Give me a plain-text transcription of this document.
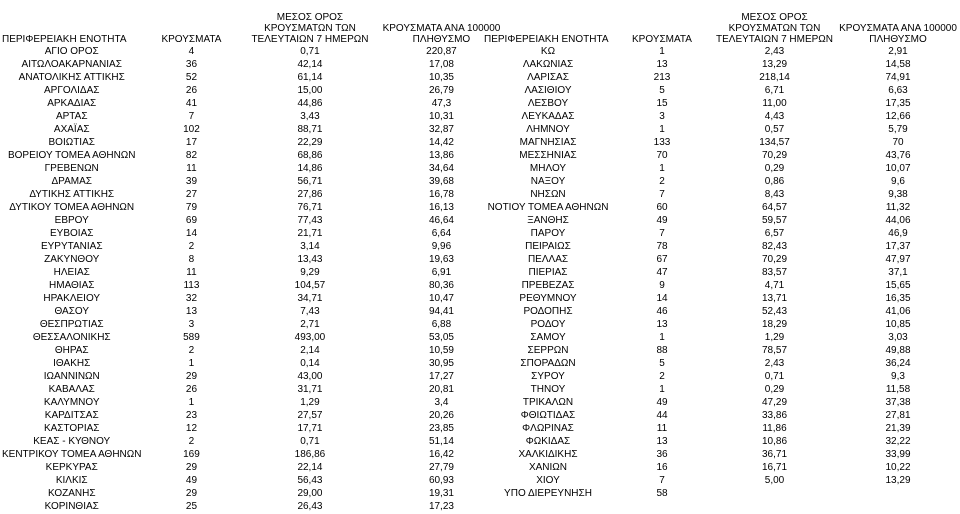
ΠΕΡΙΦΕΡΕΙΑΚΗ ΕΝΟΤΗΤΑ	ΚΡΟΥΣΜΑΤΑ	ΜΕΣΟΣ ΟΡΟΣ ΚΡΟΥΣΜΑΤΩΝ ΤΩΝ ΤΕΛΕΥΤΑΙΩΝ 7 ΗΜΕΡΩΝ	ΚΡΟΥΣΜΑΤΑ ΑΝΑ 100000 ΠΛΗΘΥΣΜΟ
ΑΓΙΟ ΟΡΟΣ	4	0,71	220,87
ΑΙΤΩΛΟΑΚΑΡΝΑΝΙΑΣ	36	42,14	17,08
ΑΝΑΤΟΛΙΚΗΣ ΑΤΤΙΚΗΣ	52	61,14	10,35
ΑΡΓΟΛΙΔΑΣ	26	15,00	26,79
ΑΡΚΑΔΙΑΣ	41	44,86	47,3
ΑΡΤΑΣ	7	3,43	10,31
ΑΧΑΪΑΣ	102	88,71	32,87
ΒΟΙΩΤΙΑΣ	17	22,29	14,42
ΒΟΡΕΙΟΥ ΤΟΜΕΑ ΑΘΗΝΩΝ	82	68,86	13,86
ΓΡΕΒΕΝΩΝ	11	14,86	34,64
ΔΡΑΜΑΣ	39	56,71	39,68
ΔΥΤΙΚΗΣ ΑΤΤΙΚΗΣ	27	27,86	16,78
ΔΥΤΙΚΟΥ ΤΟΜΕΑ ΑΘΗΝΩΝ	79	76,71	16,13
ΕΒΡΟΥ	69	77,43	46,64
ΕΥΒΟΙΑΣ	14	21,71	6,64
ΕΥΡΥΤΑΝΙΑΣ	2	3,14	9,96
ΖΑΚΥΝΘΟΥ	8	13,43	19,63
ΗΛΕΙΑΣ	11	9,29	6,91
ΗΜΑΘΙΑΣ	113	104,57	80,36
ΗΡΑΚΛΕΙΟΥ	32	34,71	10,47
ΘΑΣΟΥ	13	7,43	94,41
ΘΕΣΠΡΩΤΙΑΣ	3	2,71	6,88
ΘΕΣΣΑΛΟΝΙΚΗΣ	589	493,00	53,05
ΘΗΡΑΣ	2	2,14	10,59
ΙΘΑΚΗΣ	1	0,14	30,95
ΙΩΑΝΝΙΝΩΝ	29	43,00	17,27
ΚΑΒΑΛΑΣ	26	31,71	20,81
ΚΑΛΥΜΝΟΥ	1	1,29	3,4
ΚΑΡΔΙΤΣΑΣ	23	27,57	20,26
ΚΑΣΤΟΡΙΑΣ	12	17,71	23,85
ΚΕΑΣ - ΚΥΘΝΟΥ	2	0,71	51,14
ΚΕΝΤΡΙΚΟΥ ΤΟΜΕΑ ΑΘΗΝΩΝ	169	186,86	16,42
ΚΕΡΚΥΡΑΣ	29	22,14	27,79
ΚΙΛΚΙΣ	49	56,43	60,93
ΚΟΖΑΝΗΣ	29	29,00	19,31
ΚΟΡΙΝΘΙΑΣ	25	26,43	17,23
ΠΕΡΙΦΕΡΕΙΑΚΗ ΕΝΟΤΗΤΑ	ΚΡΟΥΣΜΑΤΑ	ΜΕΣΟΣ ΟΡΟΣ ΚΡΟΥΣΜΑΤΩΝ ΤΩΝ ΤΕΛΕΥΤΑΙΩΝ 7 ΗΜΕΡΩΝ	ΚΡΟΥΣΜΑΤΑ ΑΝΑ 100000 ΠΛΗΘΥΣΜΟ
ΚΩ	1	2,43	2,91
ΛΑΚΩΝΙΑΣ	13	13,29	14,58
ΛΑΡΙΣΑΣ	213	218,14	74,91
ΛΑΣΙΘΙΟΥ	5	6,71	6,63
ΛΕΣΒΟΥ	15	11,00	17,35
ΛΕΥΚΑΔΑΣ	3	4,43	12,66
ΛΗΜΝΟΥ	1	0,57	5,79
ΜΑΓΝΗΣΙΑΣ	133	134,57	70
ΜΕΣΣΗΝΙΑΣ	70	70,29	43,76
ΜΗΛΟΥ	1	0,29	10,07
ΝΑΞΟΥ	2	0,86	9,6
ΝΗΣΩΝ	7	8,43	9,38
ΝΟΤΙΟΥ ΤΟΜΕΑ ΑΘΗΝΩΝ	60	64,57	11,32
ΞΑΝΘΗΣ	49	59,57	44,06
ΠΑΡΟΥ	7	6,57	46,9
ΠΕΙΡΑΙΩΣ	78	82,43	17,37
ΠΕΛΛΑΣ	67	70,29	47,97
ΠΙΕΡΙΑΣ	47	83,57	37,1
ΠΡΕΒΕΖΑΣ	9	4,71	15,65
ΡΕΘΥΜΝΟΥ	14	13,71	16,35
ΡΟΔΟΠΗΣ	46	52,43	41,06
ΡΟΔΟΥ	13	18,29	10,85
ΣΑΜΟΥ	1	1,29	3,03
ΣΕΡΡΩΝ	88	78,57	49,88
ΣΠΟΡΑΔΩΝ	5	2,43	36,24
ΣΥΡΟΥ	2	0,71	9,3
ΤΗΝΟΥ	1	0,29	11,58
ΤΡΙΚΑΛΩΝ	49	47,29	37,38
ΦΘΙΩΤΙΔΑΣ	44	33,86	27,81
ΦΛΩΡΙΝΑΣ	11	11,86	21,39
ΦΩΚΙΔΑΣ	13	10,86	32,22
ΧΑΛΚΙΔΙΚΗΣ	36	36,71	33,99
ΧΑΝΙΩΝ	16	16,71	10,22
ΧΙΟΥ	7	5,00	13,29
ΥΠΟ ΔΙΕΡΕΥΝΗΣΗ	58		
